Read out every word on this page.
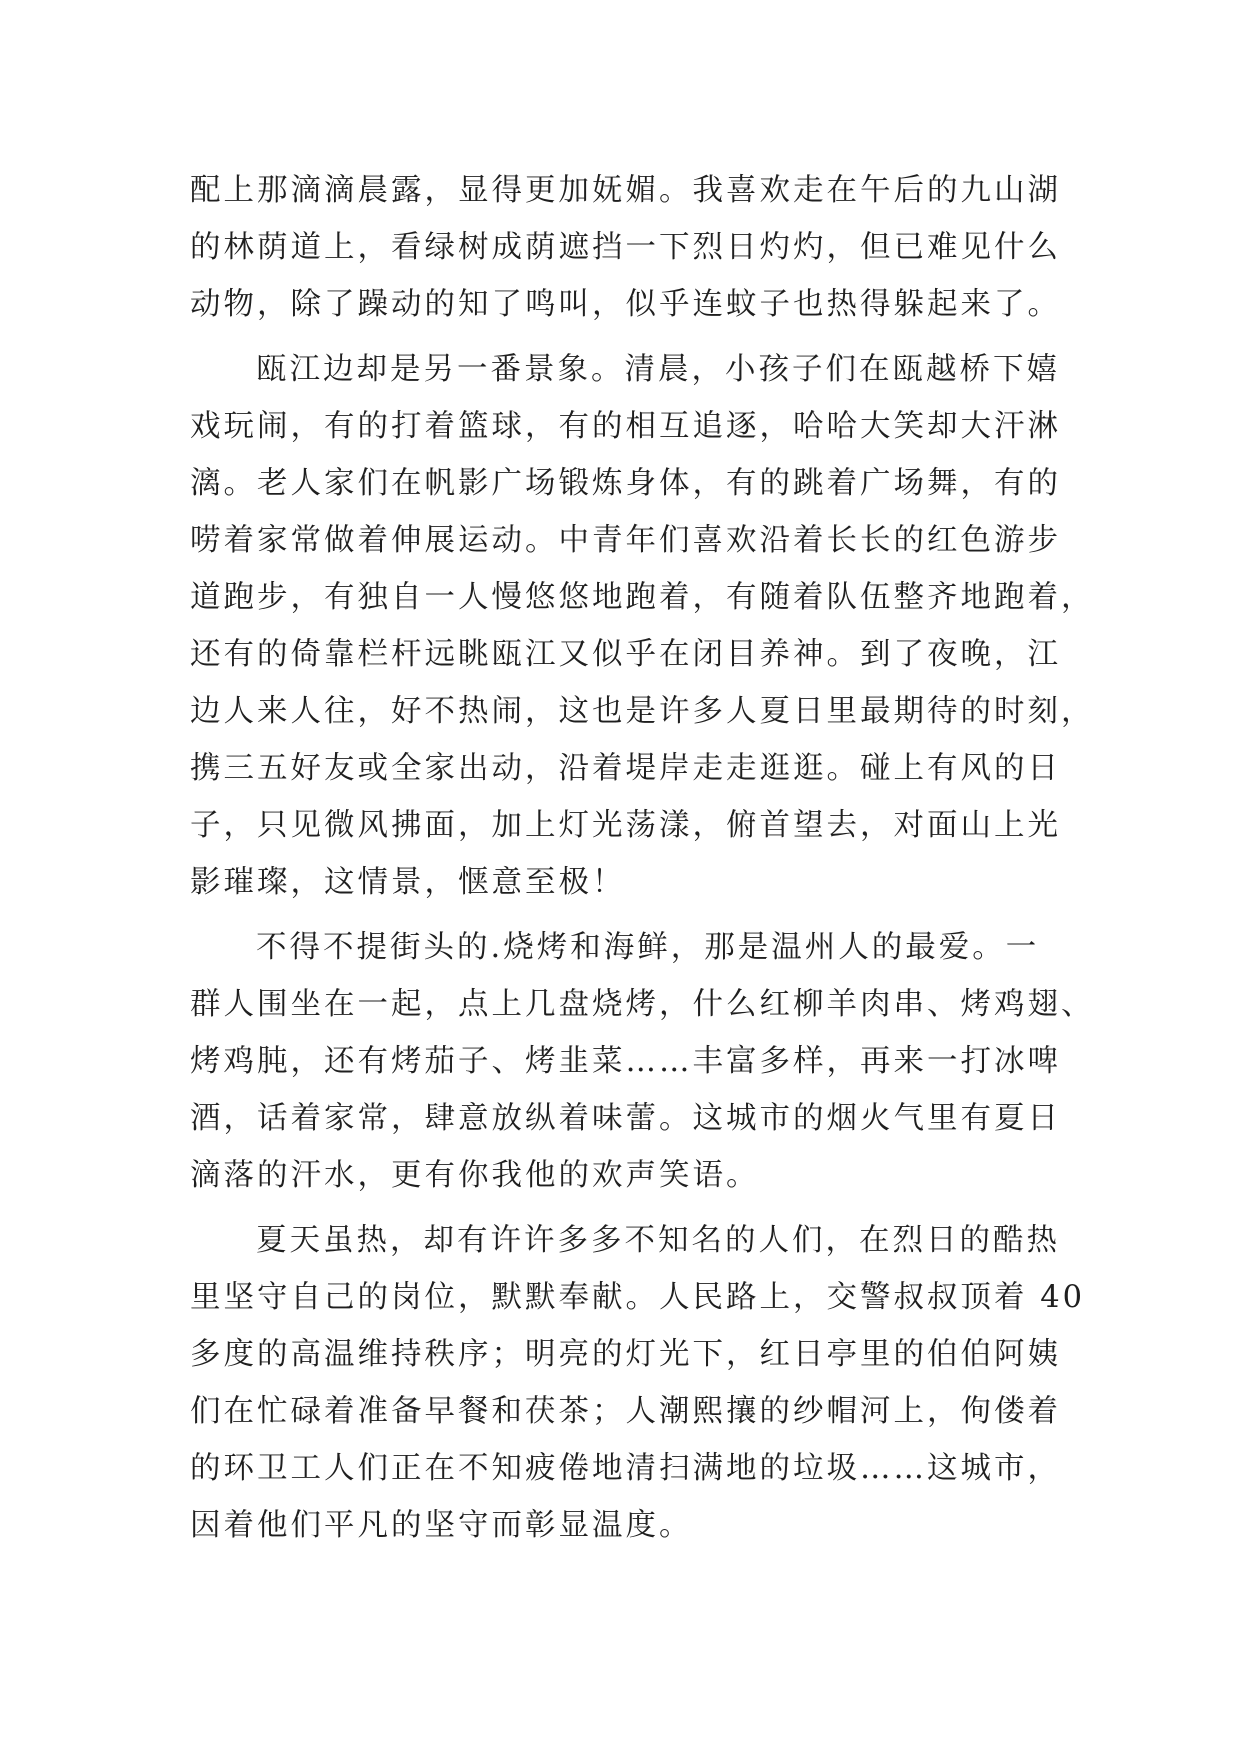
配上那滴滴晨露，显得更加妩媚。我喜欢走在午后的九山湖
的林荫道上，看绿树成荫遮挡一下烈日灼灼，但已难见什么
动物，除了躁动的知了鸣叫，似乎连蚊子也热得躲起来了。
瓯江边却是另一番景象。清晨，小孩子们在瓯越桥下嬉
戏玩闹，有的打着篮球，有的相互追逐，哈哈大笑却大汗淋
漓。老人家们在帆影广场锻炼身体，有的跳着广场舞，有的
唠着家常做着伸展运动。中青年们喜欢沿着长长的红色游步
道跑步，有独自一人慢悠悠地跑着，有随着队伍整齐地跑着，
还有的倚靠栏杆远眺瓯江又似乎在闭目养神。到了夜晚，江
边人来人往，好不热闹，这也是许多人夏日里最期待的时刻，
携三五好友或全家出动，沿着堤岸走走逛逛。碰上有风的日
子，只见微风拂面，加上灯光荡漾，俯首望去，对面山上光
影璀璨，这情景，惬意至极！
不得不提街头的.烧烤和海鲜，那是温州人的最爱。一
群人围坐在一起，点上几盘烧烤，什么红柳羊肉串、烤鸡翅、
烤鸡肫，还有烤茄子、烤韭菜……丰富多样，再来一打冰啤
酒，话着家常，肆意放纵着味蕾。这城市的烟火气里有夏日
滴落的汗水，更有你我他的欢声笑语。
夏天虽热，却有许许多多不知名的人们，在烈日的酷热
里坚守自己的岗位，默默奉献。人民路上，交警叔叔顶着 40
多度的高温维持秩序；明亮的灯光下，红日亭里的伯伯阿姨
们在忙碌着准备早餐和茯茶；人潮熙攘的纱帽河上，佝偻着
的环卫工人们正在不知疲倦地清扫满地的垃圾……这城市，
因着他们平凡的坚守而彰显温度。
